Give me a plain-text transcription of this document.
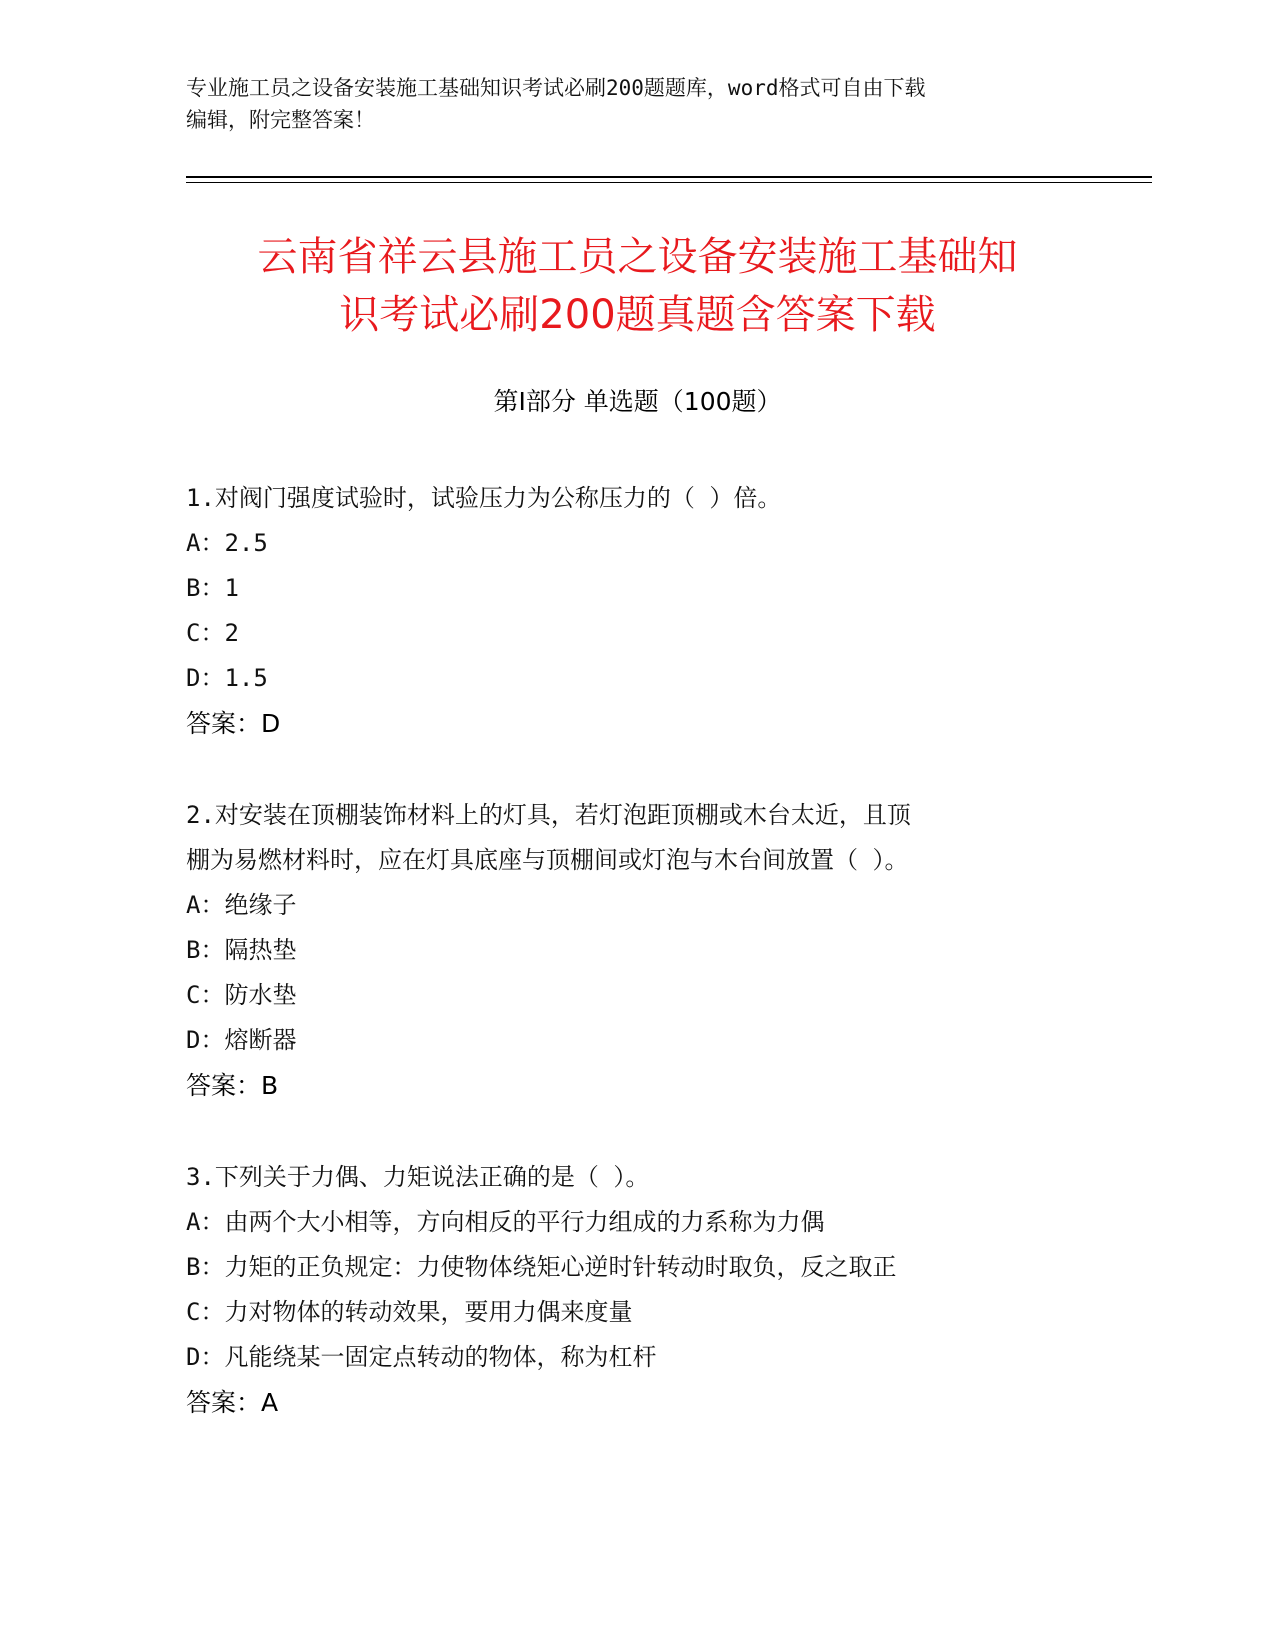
专业施工员之设备安装施工基础知识考试必刷200题题库，word格式可自由下载
编辑，附完整答案！
云南省祥云县施工员之设备安装施工基础知
识考试必刷200题真题含答案下载
第Ⅰ部分 单选题（100题）

1.对阀门强度试验时，试验压力为公称压力的（ ）倍。

A：2.5

B：1

C：2

D：1.5

答案：D

2.对安装在顶棚装饰材料上的灯具，若灯泡距顶棚或木台太近，且顶

棚为易燃材料时，应在灯具底座与顶棚间或灯泡与木台间放置（ ）。

A：绝缘子

B：隔热垫

C：防水垫

D：熔断器

答案：B

3.下列关于力偶、力矩说法正确的是（ ）。

A：由两个大小相等，方向相反的平行力组成的力系称为力偶

B：力矩的正负规定：力使物体绕矩心逆时针转动时取负，反之取正

C：力对物体的转动效果，要用力偶来度量

D：凡能绕某一固定点转动的物体，称为杠杆

答案：A
